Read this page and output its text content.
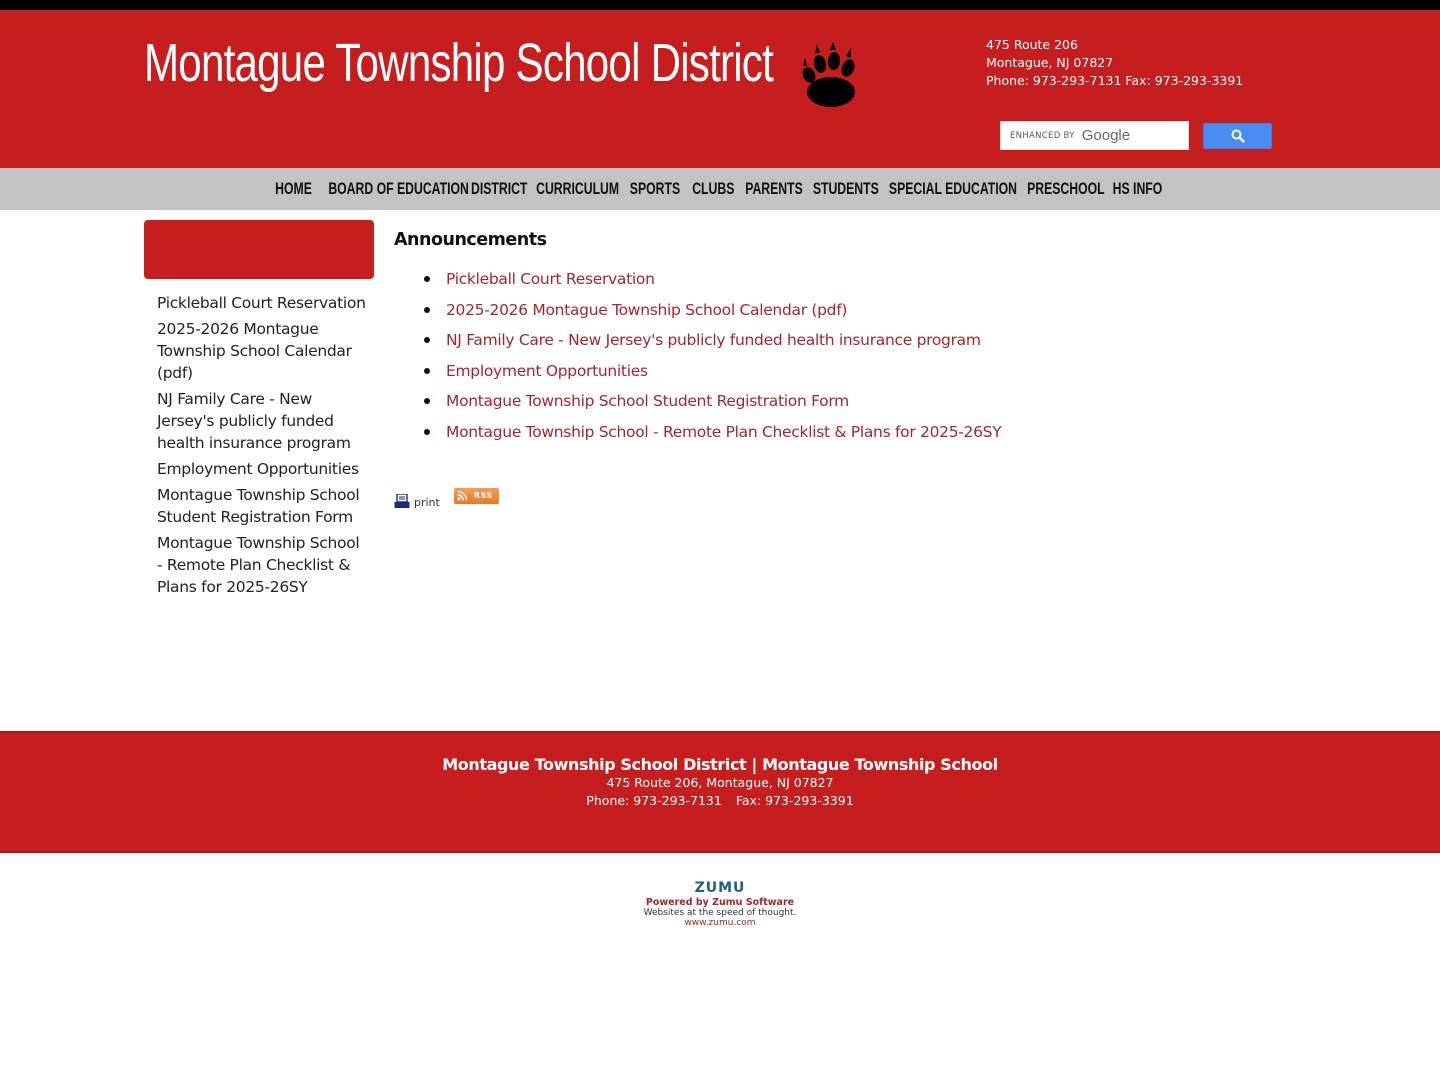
Montague Township School District	475 Route 206
Montague, NJ 07827
Phone: 973-293-7131 Fax: 973-293-3391
ENHANCED BY Google
HOME BOARD OF EDUCATION DISTRICT CURRICULUM SPORTS CLUBS PARENTS STUDENTS SPECIAL EDUCATION PRESCHOOL HS INFO
Pickleball Court Reservation
2025-2026 Montague Township School Calendar (pdf)
NJ Family Care - New Jersey's publicly funded health insurance program
Employment Opportunities
Montague Township School Student Registration Form
Montague Township School - Remote Plan Checklist & Plans for 2025-26SY
Announcements
Pickleball Court Reservation
2025-2026 Montague Township School Calendar (pdf)
NJ Family Care - New Jersey's publicly funded health insurance program
Employment Opportunities
Montague Township School Student Registration Form
Montague Township School - Remote Plan Checklist & Plans for 2025-26SY
print
RSS
Montague Township School District | Montague Township School
475 Route 206, Montague, NJ 07827
Phone: 973-293-7131 Fax: 973-293-3391
ZUMU
Powered by Zumu Software
Websites at the speed of thought.
www.zumu.com
